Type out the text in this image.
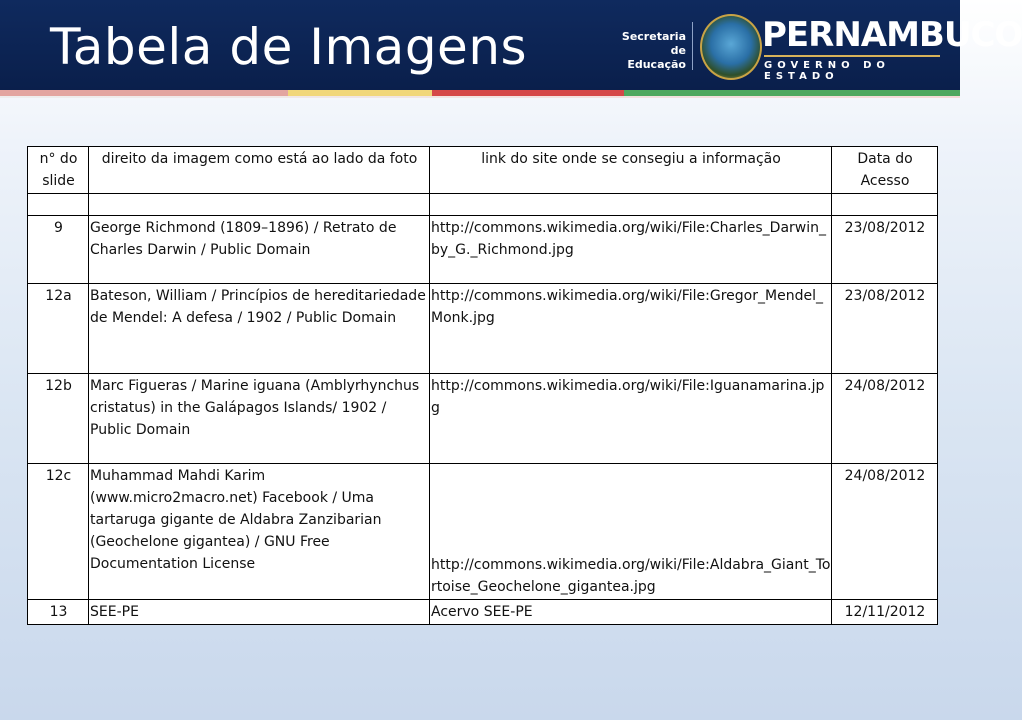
Tabela de Imagens	Secretaria de
Educação
PERNAMBUCO
GOVERNO DO ESTADO
n° do slide	direito da imagem como está ao lado da foto	link do site onde se consegiu a informação	Data do Acesso

9	George Richmond (1809–1896) / Retrato de Charles Darwin / Public Domain	http://commons.wikimedia.org/wiki/File:Charles_Darwin_by_G._Richmond.jpg	23/08/2012
12a	Bateson, William / Princípios de hereditariedade de Mendel: A defesa / 1902 / Public Domain	http://commons.wikimedia.org/wiki/File:Gregor_Mendel_Monk.jpg	23/08/2012
12b	Marc Figueras / Marine iguana (Amblyrhynchus cristatus) in the Galápagos Islands/ 1902 / Public Domain	http://commons.wikimedia.org/wiki/File:Iguanamarina.jpg	24/08/2012
12c	Muhammad Mahdi Karim (www.micro2macro.net) Facebook / Uma tartaruga gigante de Aldabra Zanzibarian (Geochelone gigantea) / GNU Free Documentation License	http://commons.wikimedia.org/wiki/File:Aldabra_Giant_Tortoise_Geochelone_gigantea.jpg	24/08/2012
13	SEE-PE	Acervo SEE-PE	12/11/2012
